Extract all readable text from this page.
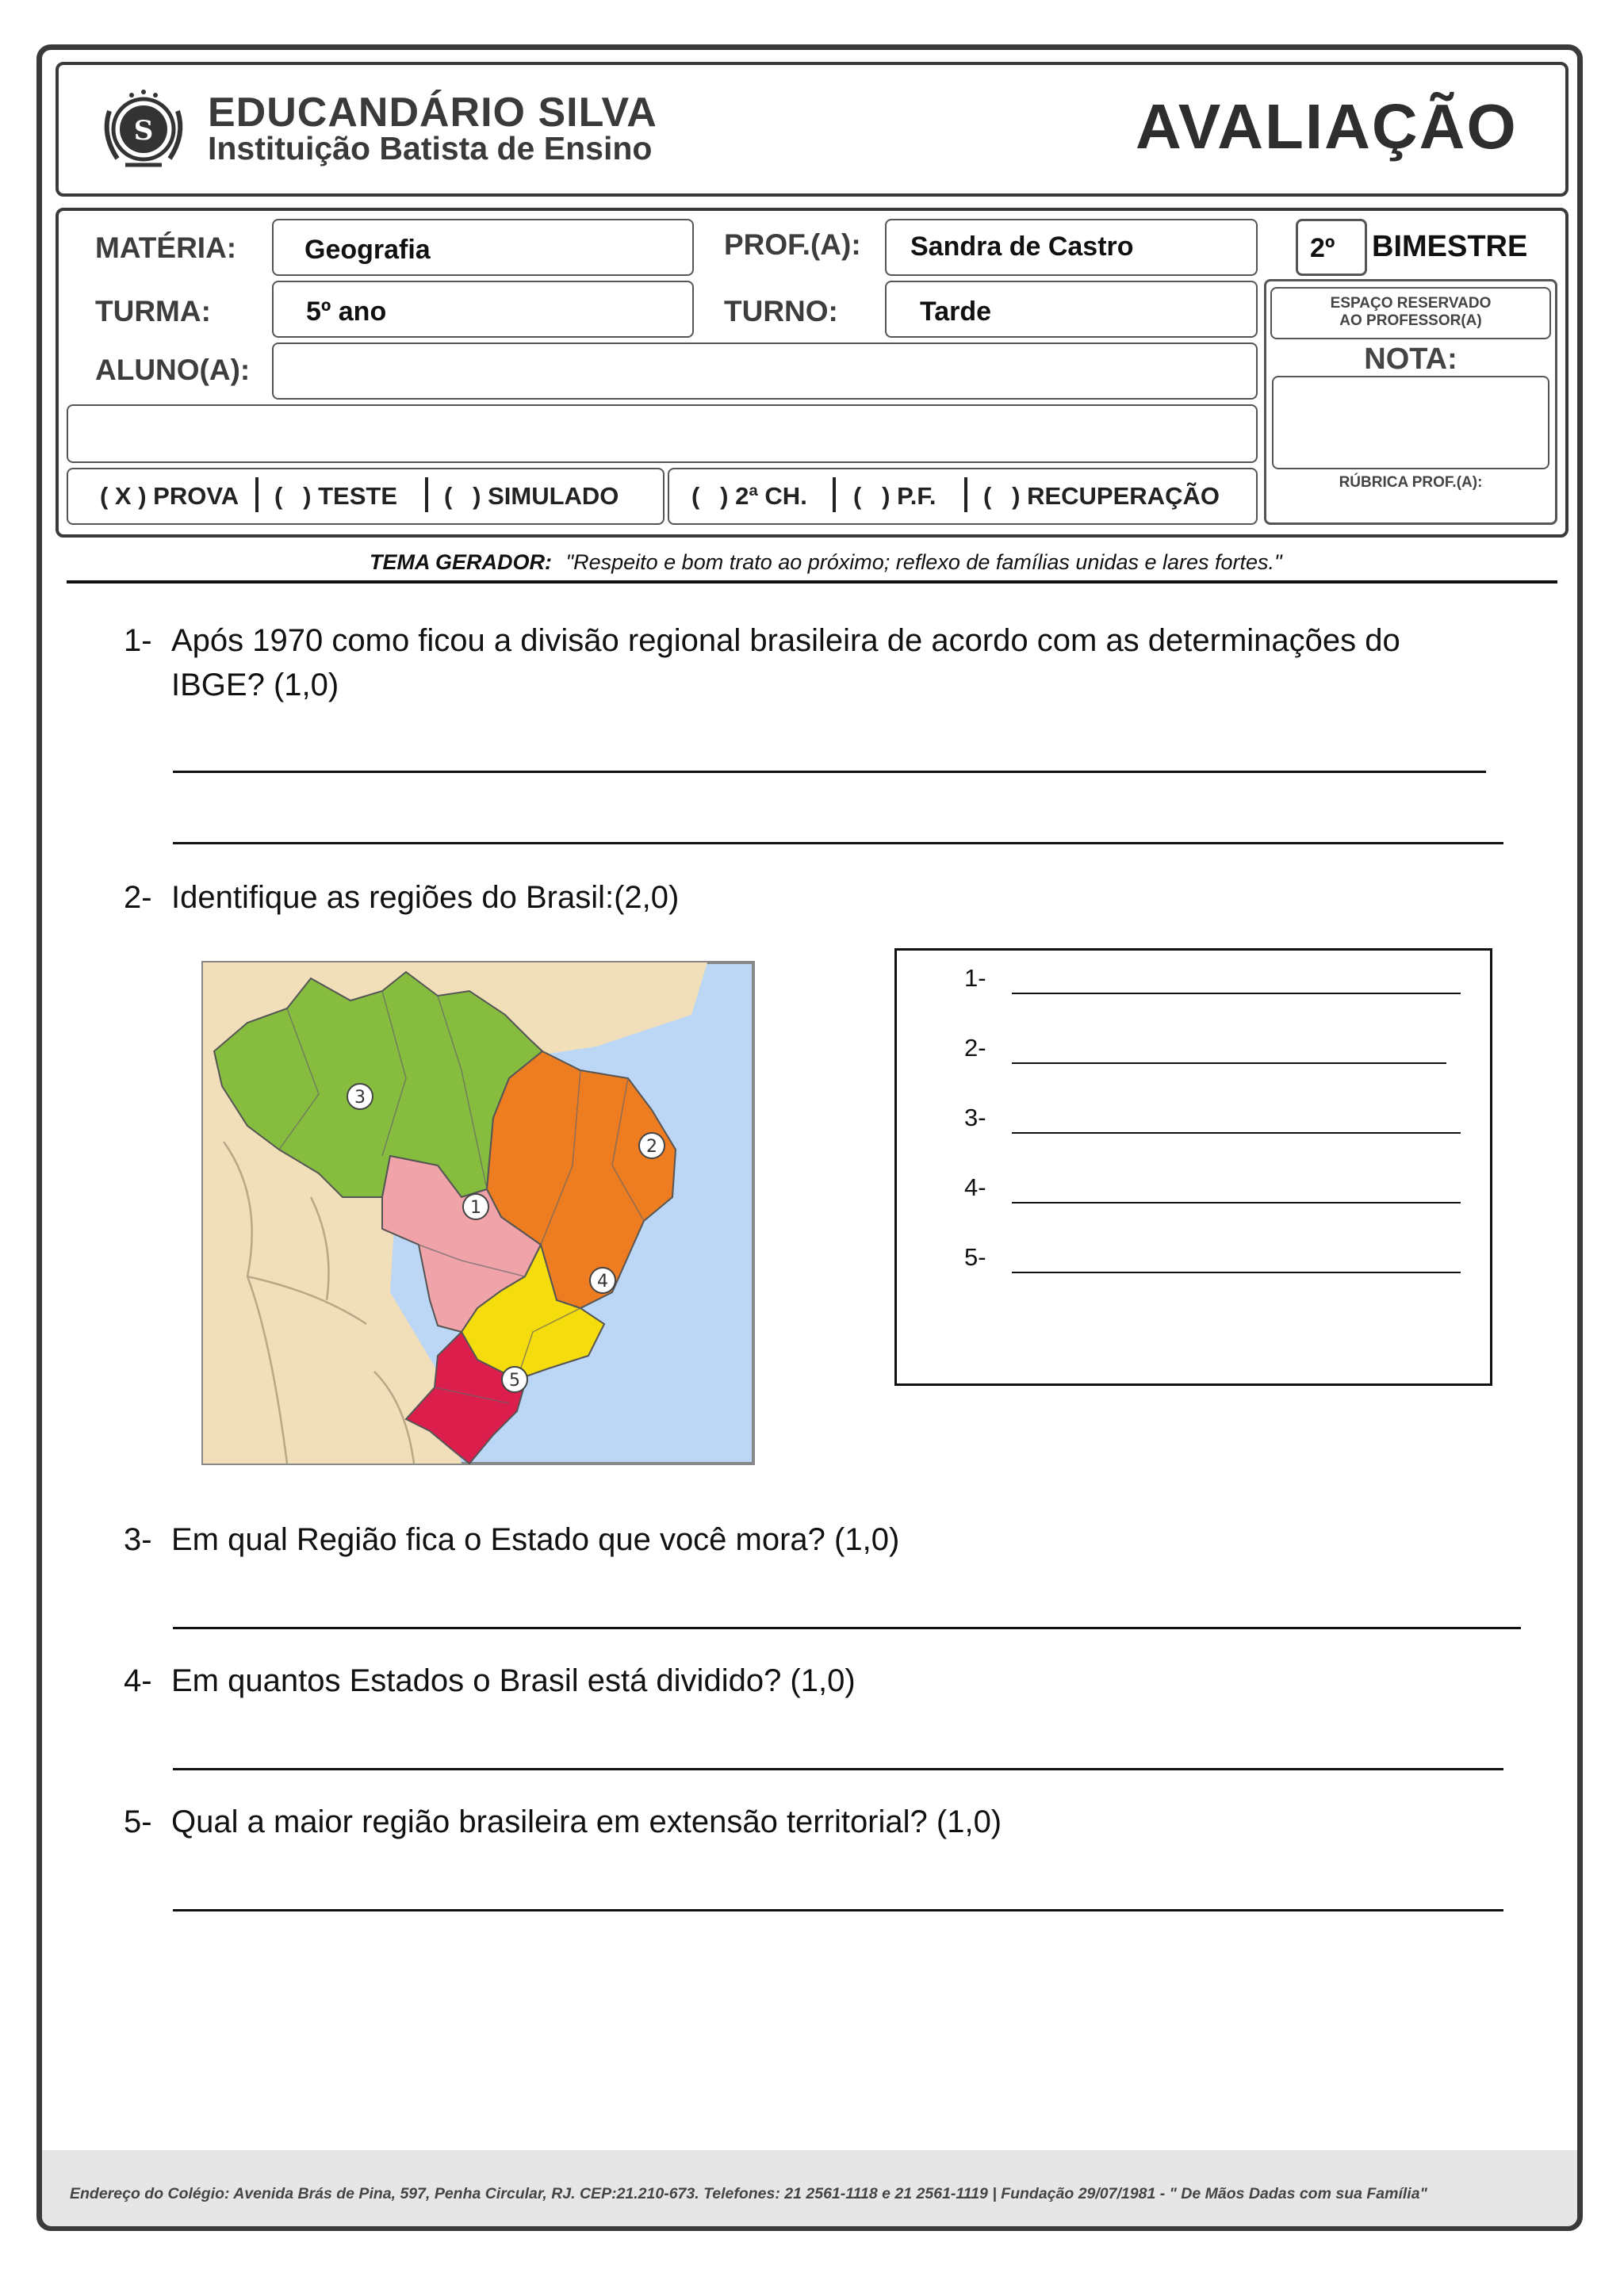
S EDUCANDÁRIO SILVA
Instituição Batista de Ensino	AVALIAÇÃO
MATÉRIA:	Geografia	PROF.(A): Sandra de Castro	2º BIMESTRE
TURMA:	5º ano	TURNO:	Tarde
ALUNO(A):
ESPAÇO RESERVADO
AO PROFESSOR(A)
NOTA:
RÚBRICA PROF.(A):
( X ) PROVA (   ) TESTE (   ) SIMULADO	(   ) 2ª CH. (   ) P.F. (   ) RECUPERAÇÃO
TEMA GERADOR: "Respeito e bom trato ao próximo; reflexo de famílias unidas e lares fortes."
1- Após 1970 como ficou a divisão regional brasileira de acordo com as determinações do
IBGE? (1,0)
2- Identifique as regiões do Brasil:(2,0)
1
2
3
4
5
1-
2-
3-
4-
5-
3- Em qual Região fica o Estado que você mora? (1,0)
4- Em quantos Estados o Brasil está dividido? (1,0)
5- Qual a maior região brasileira em extensão territorial? (1,0)
Endereço do Colégio: Avenida Brás de Pina, 597, Penha Circular, RJ. CEP:21.210-673. Telefones: 21 2561-1118 e 21 2561-1119 | Fundação 29/07/1981 - " De Mãos Dadas com sua Família"
